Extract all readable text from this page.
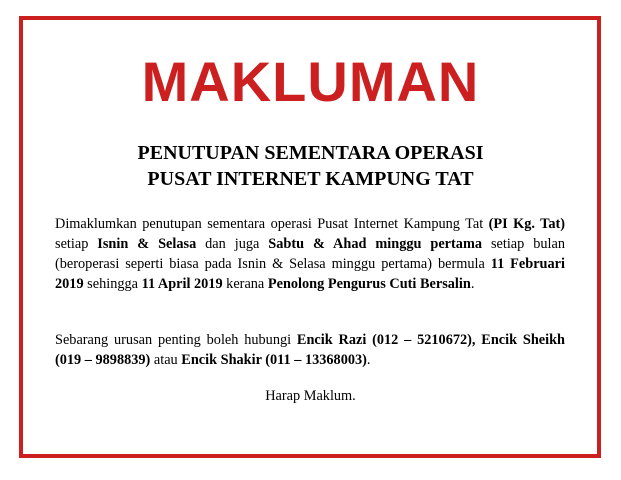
MAKLUMAN
PENUTUPAN SEMENTARA OPERASI
PUSAT INTERNET KAMPUNG TAT
Dimaklumkan penutupan sementara operasi Pusat Internet Kampung Tat (PI Kg. Tat) setiap Isnin & Selasa dan juga Sabtu & Ahad minggu pertama setiap bulan (beroperasi seperti biasa pada Isnin & Selasa minggu pertama) bermula 11 Februari 2019 sehingga 11 April 2019 kerana Penolong Pengurus Cuti Bersalin.
Sebarang urusan penting boleh hubungi Encik Razi (012 – 5210672), Encik Sheikh (019 – 9898839) atau Encik Shakir (011 – 13368003).
Harap Maklum.
